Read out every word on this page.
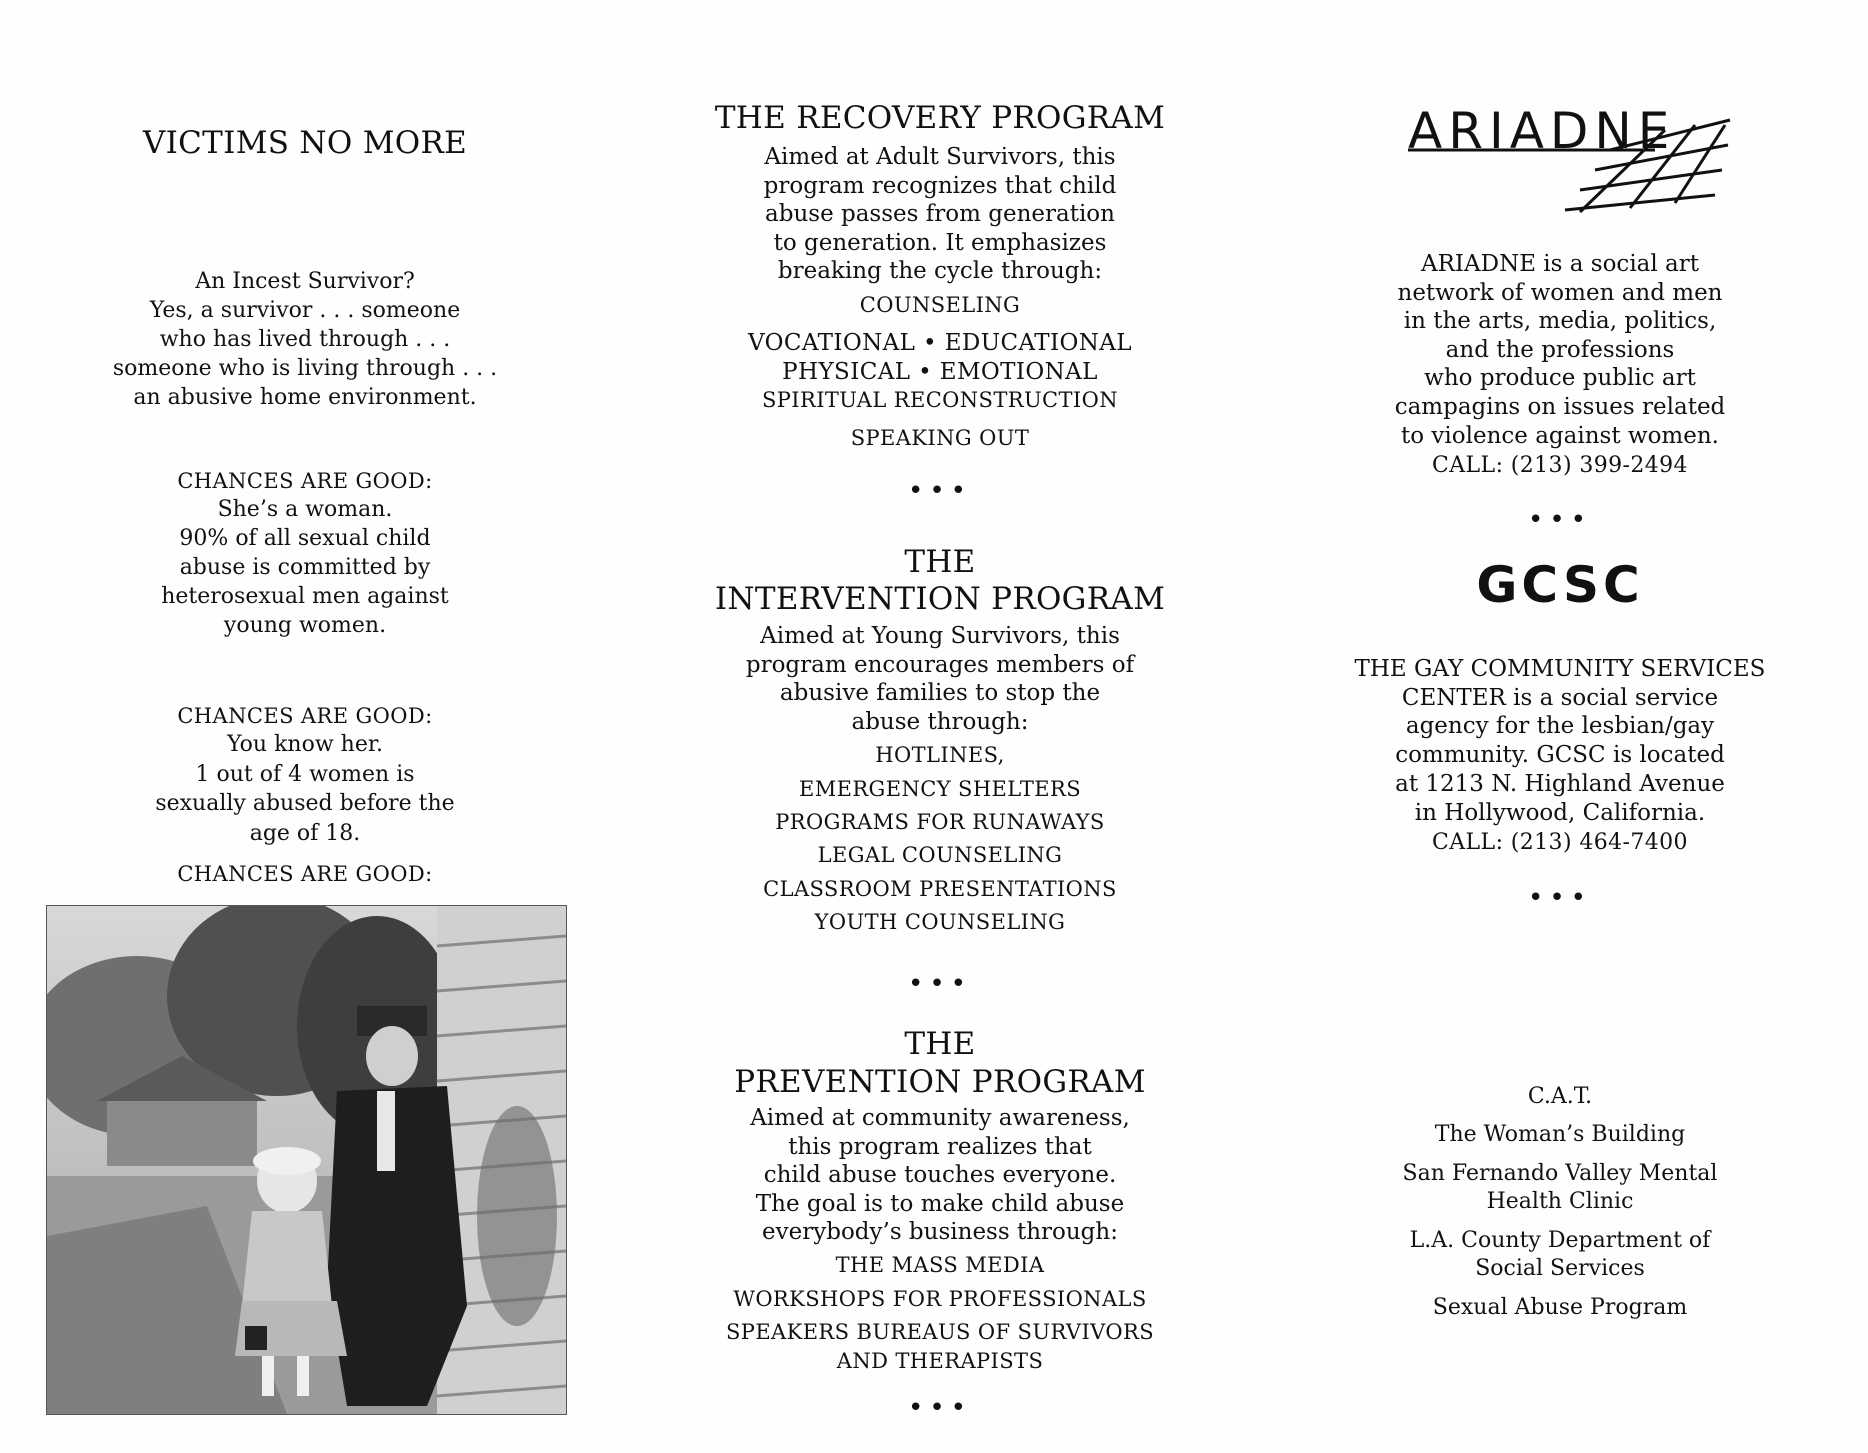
VICTIMS NO MORE

An Incest Survivor?
Yes, a survivor . . . someone
who has lived through . . .
someone who is living through . . .
an abusive home environment.

CHANCES ARE GOOD:

She’s a woman.
90% of all sexual child
abuse is committed by
heterosexual men against
young women.

CHANCES ARE GOOD:

You know her.
1 out of 4 women is
sexually abused before the
age of 18.

CHANCES ARE GOOD:

THE RECOVERY PROGRAM

Aimed at Adult Survivors, this
program recognizes that child
abuse passes from generation
to generation. It emphasizes
breaking the cycle through:

COUNSELING

VOCATIONAL • EDUCATIONAL

PHYSICAL • EMOTIONAL

SPIRITUAL RECONSTRUCTION

SPEAKING OUT

•••

THE
INTERVENTION PROGRAM

Aimed at Young Survivors, this
program encourages members of
abusive families to stop the
abuse through:

HOTLINES,

EMERGENCY SHELTERS

PROGRAMS FOR RUNAWAYS

LEGAL COUNSELING

CLASSROOM PRESENTATIONS

YOUTH COUNSELING

•••

THE
PREVENTION PROGRAM

Aimed at community awareness,
this program realizes that
child abuse touches everyone.
The goal is to make child abuse
everybody’s business through:

THE MASS MEDIA

WORKSHOPS FOR PROFESSIONALS

SPEAKERS BUREAUS OF SURVIVORS

AND THERAPISTS

•••

ARIADNE

ARIADNE is a social art
network of women and men
in the arts, media, politics,
and the professions
who produce public art
campagins on issues related
to violence against women.

CALL: (213) 399-2494

•••

GCSC

THE GAY COMMUNITY SERVICES
CENTER is a social service
agency for the lesbian/gay
community. GCSC is located
at 1213 N. Highland Avenue
in Hollywood, California.

CALL: (213) 464-7400

•••

C.A.T.

The Woman’s Building

San Fernando Valley Mental
Health Clinic

L.A. County Department of
Social Services

Sexual Abuse Program
